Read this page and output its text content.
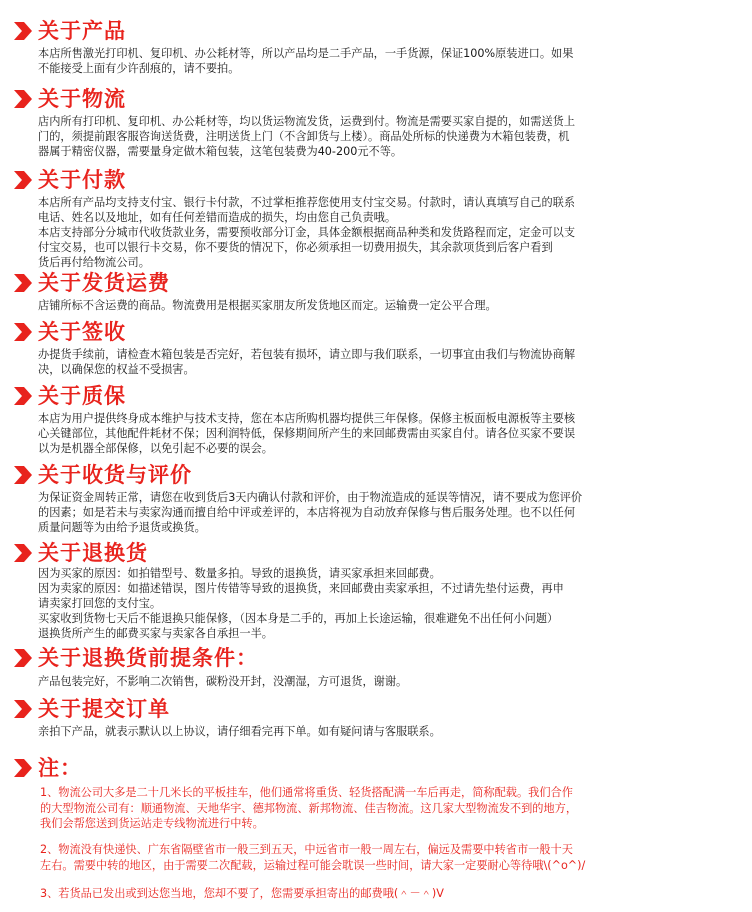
关于产品

本店所售激光打印机、复印机、办公耗材等，所以产品均是二手产品，一手货源，保证100%原装进口。如果

不能接受上面有少许刮痕的，请不要拍。

关于物流

店内所有打印机、复印机、办公耗材等，均以货运物流发货，运费到付。物流是需要买家自提的，如需送货上

门的，须提前跟客服咨询送货费，注明送货上门（不含卸货与上楼）。商品处所标的快递费为木箱包装费，机

器属于精密仪器，需要量身定做木箱包装，这笔包装费为40-200元不等。

关于付款

本店所有产品均支持支付宝、银行卡付款，不过掌柜推荐您使用支付宝交易。付款时，请认真填写自己的联系

电话、姓名以及地址，如有任何差错而造成的损失，均由您自己负责哦。

本店支持部分分城市代收货款业务，需要预收部分订金，具体金额根据商品种类和发货路程而定，定金可以支

付宝交易，也可以银行卡交易，你不要货的情况下，你必须承担一切费用损失，其余款项货到后客户看到

货后再付给物流公司。

关于发货运费

店铺所标不含运费的商品。物流费用是根据买家朋友所发货地区而定。运输费一定公平合理。

关于签收

办提货手续前，请检查木箱包装是否完好，若包装有损坏，请立即与我们联系，一切事宜由我们与物流协商解

决，以确保您的权益不受损害。

关于质保

本店为用户提供终身成本维护与技术支持，您在本店所购机器均提供三年保修。保修主板面板电源板等主要核

心关键部位，其他配件耗材不保；因利润特低，保修期间所产生的来回邮费需由买家自付。请各位买家不要误

以为是机器全部保修，以免引起不必要的误会。

关于收货与评价

为保证资金周转正常，请您在收到货后3天内确认付款和评价，由于物流造成的延误等情况，请不要成为您评价

的因素；如是若未与卖家沟通而擅自给中评或差评的，本店将视为自动放弃保修与售后服务处理。也不以任何

质量问题等为由给予退货或换货。

关于退换货

因为买家的原因：如拍错型号、数量多拍。导致的退换货，请买家承担来回邮费。

因为卖家的原因：如描述错误，图片传错等导致的退换货，来回邮费由卖家承担，不过请先垫付运费，再申

请卖家打回您的支付宝。

买家收到货物七天后不能退换只能保修，（因本身是二手的，再加上长途运输，很难避免不出任何小问题）

退换货所产生的邮费买家与卖家各自承担一半。

关于退换货前提条件：

产品包装完好，不影响二次销售，碳粉没开封，没潮湿，方可退货，谢谢。

关于提交订单

亲拍下产品，就表示默认以上协议，请仔细看完再下单。如有疑问请与客服联系。

注：

1、物流公司大多是二十几米长的平板挂车，他们通常将重货、轻货搭配满一车后再走，简称配载。我们合作

的大型物流公司有：顺通物流、天地华宇、德邦物流、新邦物流、佳吉物流。这几家大型物流发不到的地方，

我们会帮您送到货运站走专线物流进行中转。

2、物流没有快递快、广东省隔壁省市一般三到五天，中远省市一般一周左右，偏远及需要中转省市一般十天

左右。需要中转的地区，由于需要二次配载，运输过程可能会耽误一些时间，请大家一定要耐心等待哦\(^o^)/

3、若货品已发出或到达您当地，您却不要了，您需要承担寄出的邮费哦(＾－＾)V
